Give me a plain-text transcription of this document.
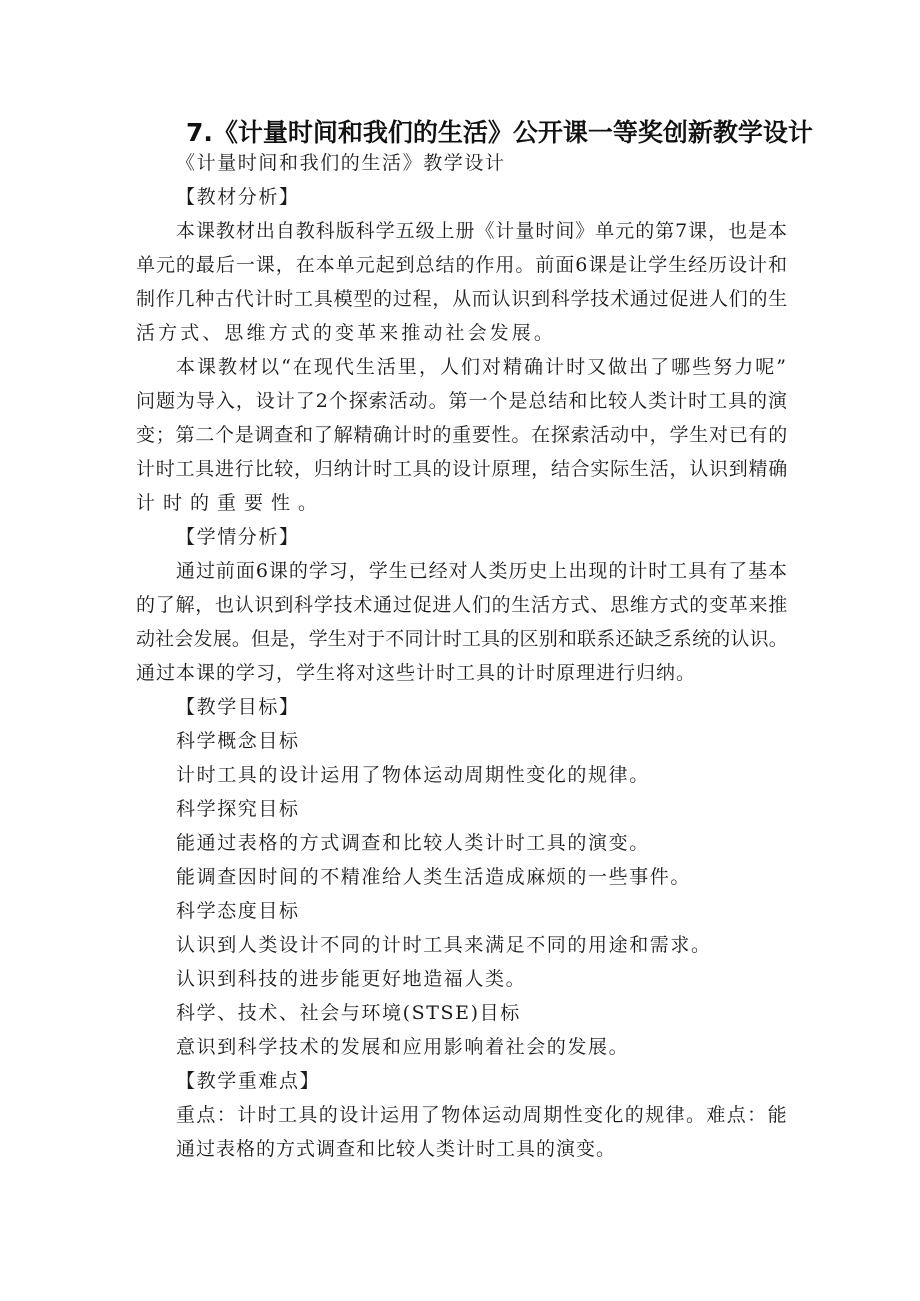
7.《计量时间和我们的生活》公开课一等奖创新教学设计
《计量时间和我们的生活》教学设计
【教材分析】
本课教材出自教科版科学五级上册《计量时间》单元的第7课，也是本
单元的最后一课，在本单元起到总结的作用。前面6课是让学生经历设计和
制作几种古代计时工具模型的过程，从而认识到科学技术通过促进人们的生
活方式、思维方式的变革来推动社会发展。
本课教材以“在现代生活里，人们对精确计时又做出了哪些努力呢”
问题为导入，设计了2个探索活动。第一个是总结和比较人类计时工具的演
变；第二个是调查和了解精确计时的重要性。在探索活动中，学生对已有的
计时工具进行比较，归纳计时工具的设计原理，结合实际生活，认识到精确
计时的重要性。
【学情分析】
通过前面6课的学习，学生已经对人类历史上出现的计时工具有了基本
的了解，也认识到科学技术通过促进人们的生活方式、思维方式的变革来推
动社会发展。但是，学生对于不同计时工具的区别和联系还缺乏系统的认识。
通过本课的学习，学生将对这些计时工具的计时原理进行归纳。
【教学目标】
科学概念目标
计时工具的设计运用了物体运动周期性变化的规律。
科学探究目标
能通过表格的方式调查和比较人类计时工具的演变。
能调查因时间的不精准给人类生活造成麻烦的一些事件。
科学态度目标
认识到人类设计不同的计时工具来满足不同的用途和需求。
认识到科技的进步能更好地造福人类。
科学、技术、社会与环境(STSE)目标
意识到科学技术的发展和应用影响着社会的发展。
【教学重难点】
重点：计时工具的设计运用了物体运动周期性变化的规律。难点：能
通过表格的方式调查和比较人类计时工具的演变。
